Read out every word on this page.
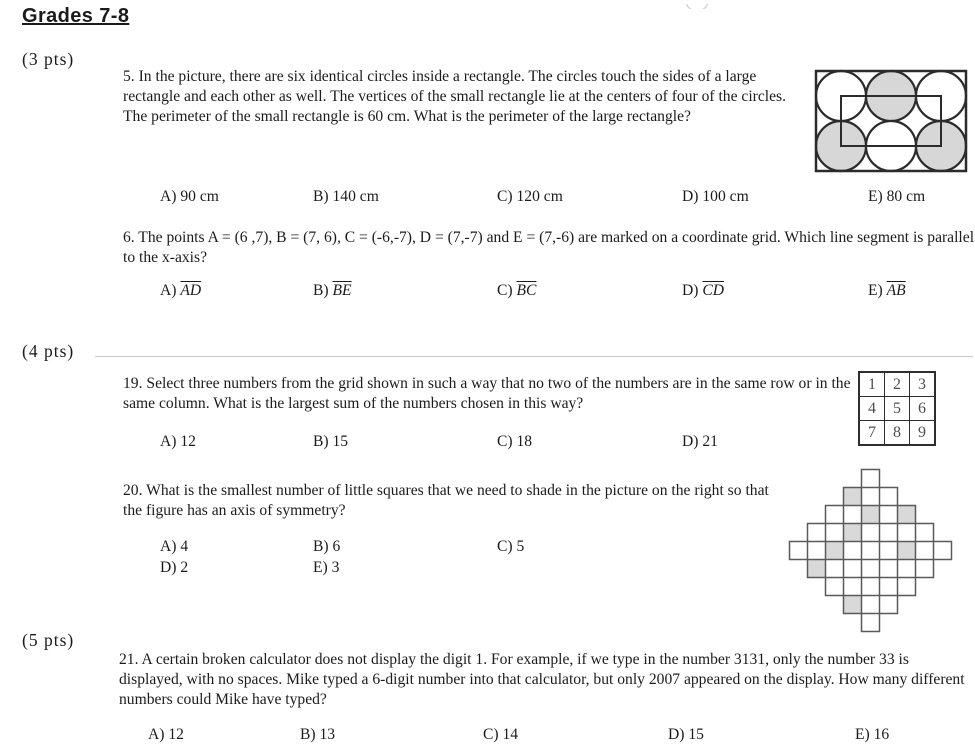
Grades 7-8
(3 pts)
5. In the picture, there are six identical circles inside a rectangle. The circles touch the sides of a large rectangle and each other as well. The vertices of the small rectangle lie at the centers of four of the circles. The perimeter of the small rectangle is 60 cm. What is the perimeter of the large rectangle?
A) 90 cm	B) 140 cm	C) 120 cm	D) 100 cm	E) 80 cm
6. The points A = (6 ,7), B = (7, 6), C = (-6,-7), D = (7,-7) and E = (7,-6) are marked on a coordinate grid. Which line segment is parallel to the x-axis?
A) $\overline{AD}$	B) $\overline{BE}$	C) $\overline{BC}$	D) $\overline{CD}$	E) $\overline{AB}$
(4 pts)
19. Select three numbers from the grid shown in such a way that no two of the numbers are in the same row or in the same column. What is the largest sum of the numbers chosen in this way?
1	2	3
4	5	6
7	8	9
A) 12	B) 15	C) 18	D) 21
20. What is the smallest number of little squares that we need to shade in the picture on the right so that the figure has an axis of symmetry?
A) 4	B) 6	C) 5
D) 2	E) 3
(5 pts)
21. A certain broken calculator does not display the digit 1. For example, if we type in the number 3131, only the number 33 is displayed, with no spaces. Mike typed a 6-digit number into that calculator, but only 2007 appeared on the display. How many different numbers could Mike have typed?
A) 12	B) 13	C) 14	D) 15	E) 16
